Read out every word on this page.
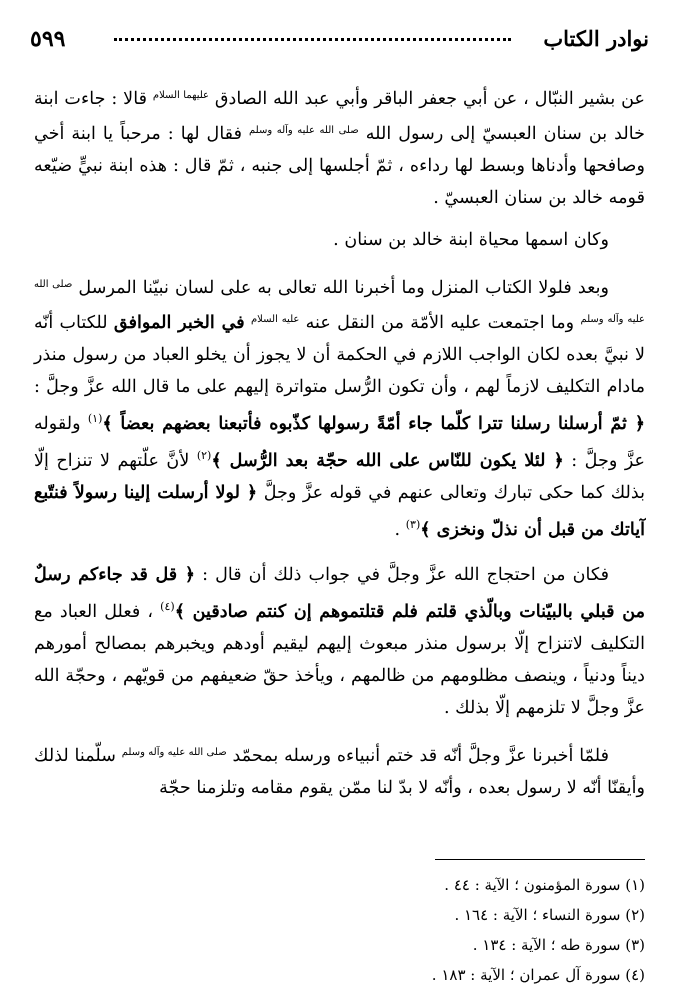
نوادر الكتاب
٥٩٩

عن بشير النبّال ، عن أبي جعفر الباقر وأبي عبد الله الصادق $^{عليهما السلام}$ قالا : جاءت ابنة خالد بن سنان العبسيّ إلى رسول الله $^{صلى الله عليه وآله وسلم}$ فقال لها : مرحباً يا ابنة أخي وصافحها وأدناها وبسط لها رداءه ، ثمّ أجلسها إلى جنبه ، ثمّ قال : هذه ابنة نبيٍّ ضيّعه قومه خالد بن سنان العبسيّ .

وكان اسمها محياة ابنة خالد بن سنان .

وبعد فلولا الكتاب المنزل وما أخبرنا الله تعالى به على لسان نبيّنا المرسل $^{صلى الله عليه وآله وسلم}$ وما اجتمعت عليه الأمّة من النقل عنه $^{عليه السلام}$ في الخبر الموافق للكتاب أنّه لا نبيَّ بعده لكان الواجب اللازم في الحكمة أن لا يجوز أن يخلو العباد من رسول منذر مادام التكليف لازماً لهم ، وأن تكون الرُّسل متواترة إليهم على ما قال الله عزَّ وجلَّ : ﴿ ثمّ أرسلنا رسلنا تترا كلّما جاء أمّةً رسولها كذّبوه فأتبعنا بعضهم بعضاً ﴾$^{(١)}$ ولقوله عزَّ وجلَّ : ﴿ لئلا يكون للنّاس على الله حجّة بعد الرُّسل ﴾$^{(٢)}$ لأنَّ علّتهم لا تنزاح إلّا بذلك كما حكى تبارك وتعالى عنهم في قوله عزَّ وجلَّ ﴿ لولا أرسلت إلينا رسولاً فنتّبع آياتك من قبل أن نذلّ ونخزى ﴾$^{(٣)}$ .

فكان من احتجاج الله عزَّ وجلَّ في جواب ذلك أن قال : ﴿ قل قد جاءكم رسلٌ من قبلي بالبيّنات وبالّذي قلتم فلم قتلتموهم إن كنتم صادقين ﴾$^{(٤)}$ ، فعلل العباد مع التكليف لاتنزاح إلّا برسول منذر مبعوث إليهم ليقيم أودهم ويخبرهم بمصالح أمورهم ديناً ودنياً ، وينصف مظلومهم من ظالمهم ، ويأخذ حقّ ضعيفهم من قويّهم ، وحجّة الله عزَّ وجلَّ لا تلزمهم إلّا بذلك .

فلمّا أخبرنا عزَّ وجلَّ أنّه قد ختم أنبياءه ورسله بمحمّد $^{صلى الله عليه وآله وسلم}$ سلّمنا لذلك وأيقنّا أنّه لا رسول بعده ، وأنّه لا بدّ لنا ممّن يقوم مقامه وتلزمنا حجّة

(١) سورة المؤمنون ؛ الآية : ٤٤ .
(٢) سورة النساء ؛ الآية : ١٦٤ .
(٣) سورة طه ؛ الآية : ١٣٤ .
(٤) سورة آل عمران ؛ الآية : ١٨٣ .
